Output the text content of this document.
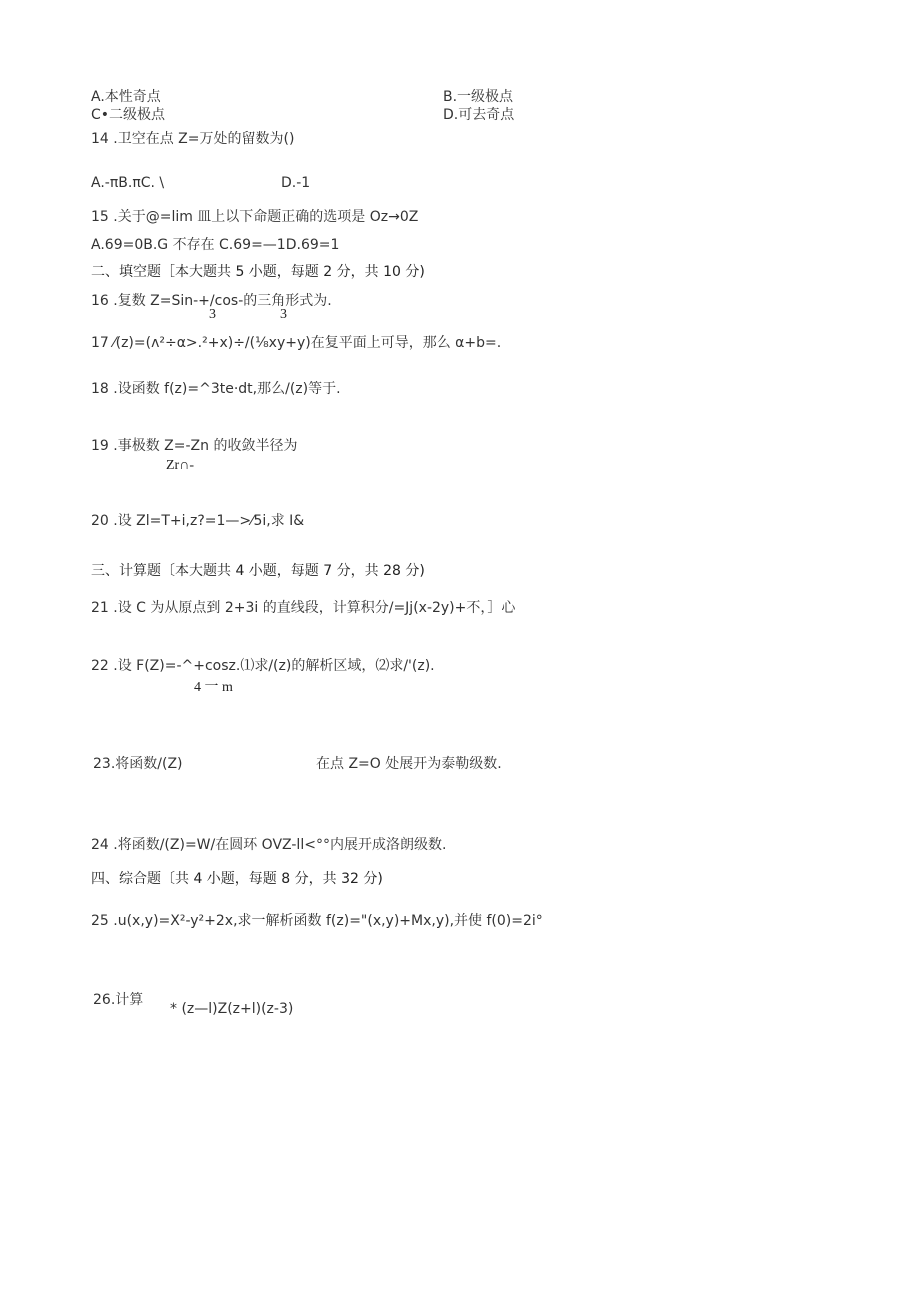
A.本性奇点	B.一级极点
C•二级极点	D.可去奇点
14 .卫空在点 Z=万处的留数为()
A.-πB.πC. \	D.-1
15 .关于@=lim 皿上以下命题正确的选项是 Oz→0Z
A.69=0B.G 不存在 C.69=—1D.69=1
二、填空题［本大题共 5 小题，每题 2 分，共 10 分)
16 .复数 Z=Sin-+/cos-的三角形式为.
3	3
17 ⁄(z)=(ʌ²÷α>.²+x)÷/(⅛xy+y)在复平面上可导，那么 α+b=.
18 .设函数 f(z)=^3te·dt,那么/(z)等于.
19 .事极数 Z=-Zn 的收敛半径为
Zr∩-
20 .设 Zl=T+i,z?=1—>⁄5i,求 I&
三、计算题〔本大题共 4 小题，每题 7 分，共 28 分)
21 .设 C 为从原点到 2+3i 的直线段，计算积分/=Jj(x-2y)+不，］心
22 .设 F(Z)=-^+cosz.⑴求/(z)的解析区域，⑵求/'(z).
4 一 m
23.将函数/(Z)	在点 Z=O 处展开为泰勒级数.
24 .将函数/(Z)=W/在圆环 OVZ-ll<°°内展开成洛朗级数.
四、综合题〔共 4 小题，每题 8 分，共 32 分)
25 .u(x,y)=X²-y²+2x,求一解析函数 f(z)="(x,y)+Mx,y),并使 f(0)=2i°
26.计算
* (z—l)Z(z+l)(z-3)
